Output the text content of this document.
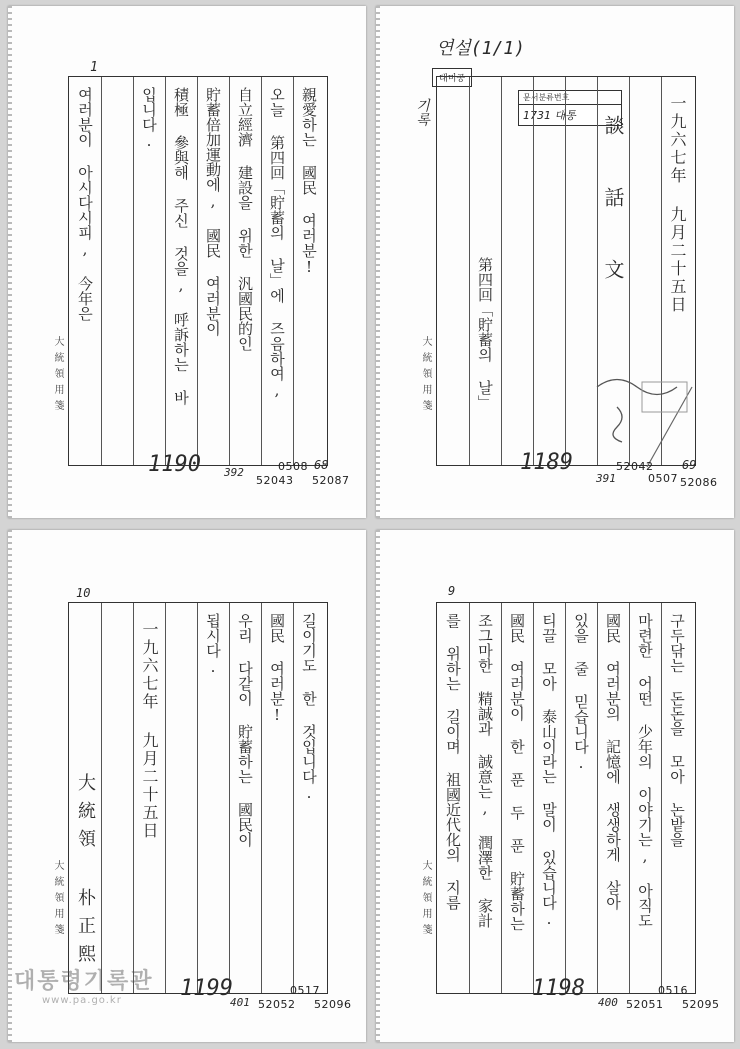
1
親愛하는 國民 여러분!
오늘 第四回「貯蓄의 날」에 즈음하여,
自立經濟 建設을 위한 汎國民的인
貯蓄倍加運動에, 國民 여러분이
積極 參與해 주신 것을, 呼訴하는 바
입니다.
여러분이 아시다시피, 今年은
大統領用箋
1190 392	0508
52043 52087
68
연설(1/1)
대미공
기록
문서분류번호
1731 대통	一九六七年 九月二十五日
談 話 文
第四回「貯蓄의 날」
大統領用箋
1189	52042
391	0507 52086
69
10
길이기도 한 것입니다.
國民 여러분!
우리 다같이 貯蓄하는 國民이
됩시다.
一九六七年 九月二十五日
大統領 朴正熙
大統領用箋
1199
401
0517
52052 52096
9
구두닦는 돈돈을 모아 논밭을
마련한 어떤 少年의 이야기는, 아직도
國民 여러분의 記憶에 생생하게 살아
있을 줄 믿습니다.
티끌 모아 泰山이라는 말이 있습니다.
國民 여러분이 한 푼 두 푼 貯蓄하는
조그마한 精誠과 誠意는, 潤澤한 家計
를 위하는 길이며 祖國近代化의 지름
大統領用箋
1198
400
0516
52051 52095
대통령기록관
www.pa.go.kr
